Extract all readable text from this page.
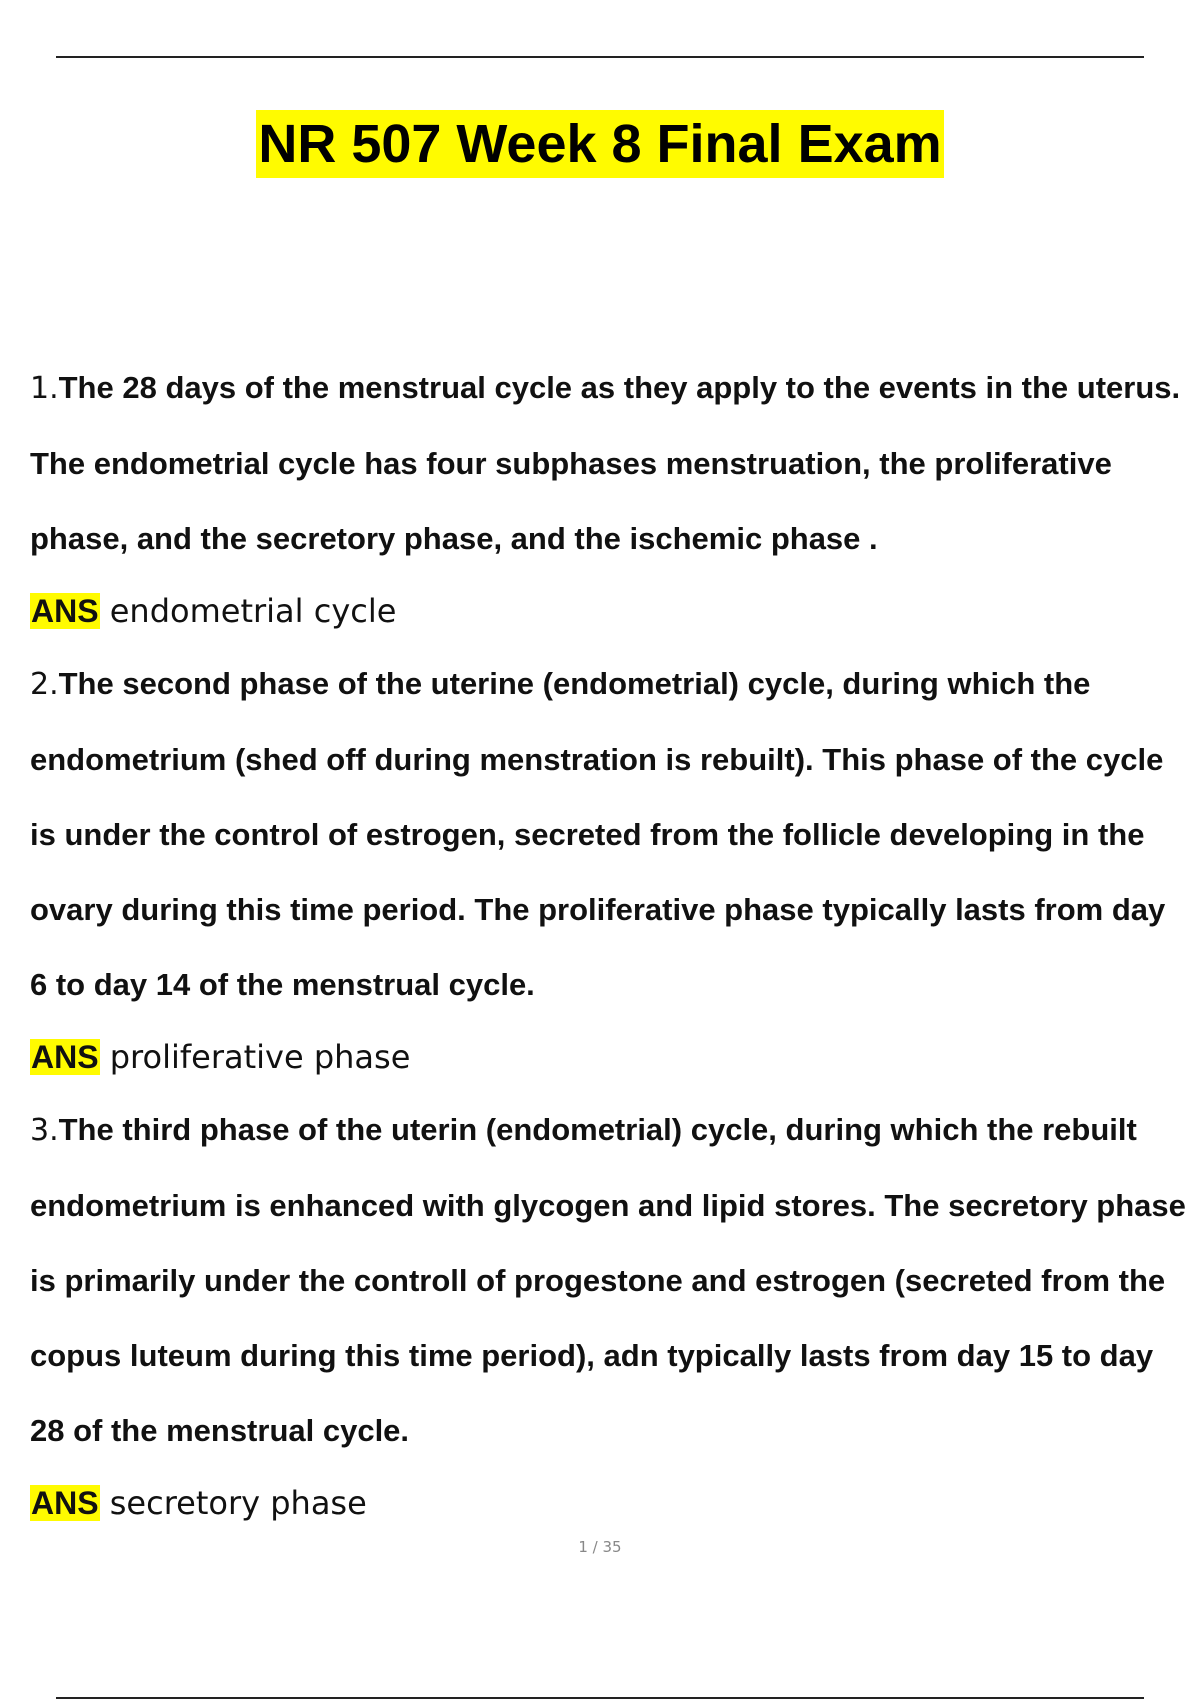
NR 507 Week 8 Final Exam

1.The 28 days of the menstrual cycle as they apply to the events in the uterus. The endometrial cycle has four subphases menstruation, the proliferative phase, and the secretory phase, and the ischemic phase .

ANS endometrial cycle

2.The second phase of the uterine (endometrial) cycle, during which the endometrium (shed off during menstration is rebuilt). This phase of the cycle is under the control of estrogen, secreted from the follicle developing in the ovary during this time period. The proliferative phase typically lasts from day 6 to day 14 of the menstrual cycle.

ANS proliferative phase

3.The third phase of the uterin (endometrial) cycle, during which the rebuilt endometrium is enhanced with glycogen and lipid stores. The secretory phase is primarily under the controll of progestone and estrogen (secreted from the copus luteum during this time period), adn typically lasts from day 15 to day 28 of the menstrual cycle.

ANS secretory phase

1 / 35
